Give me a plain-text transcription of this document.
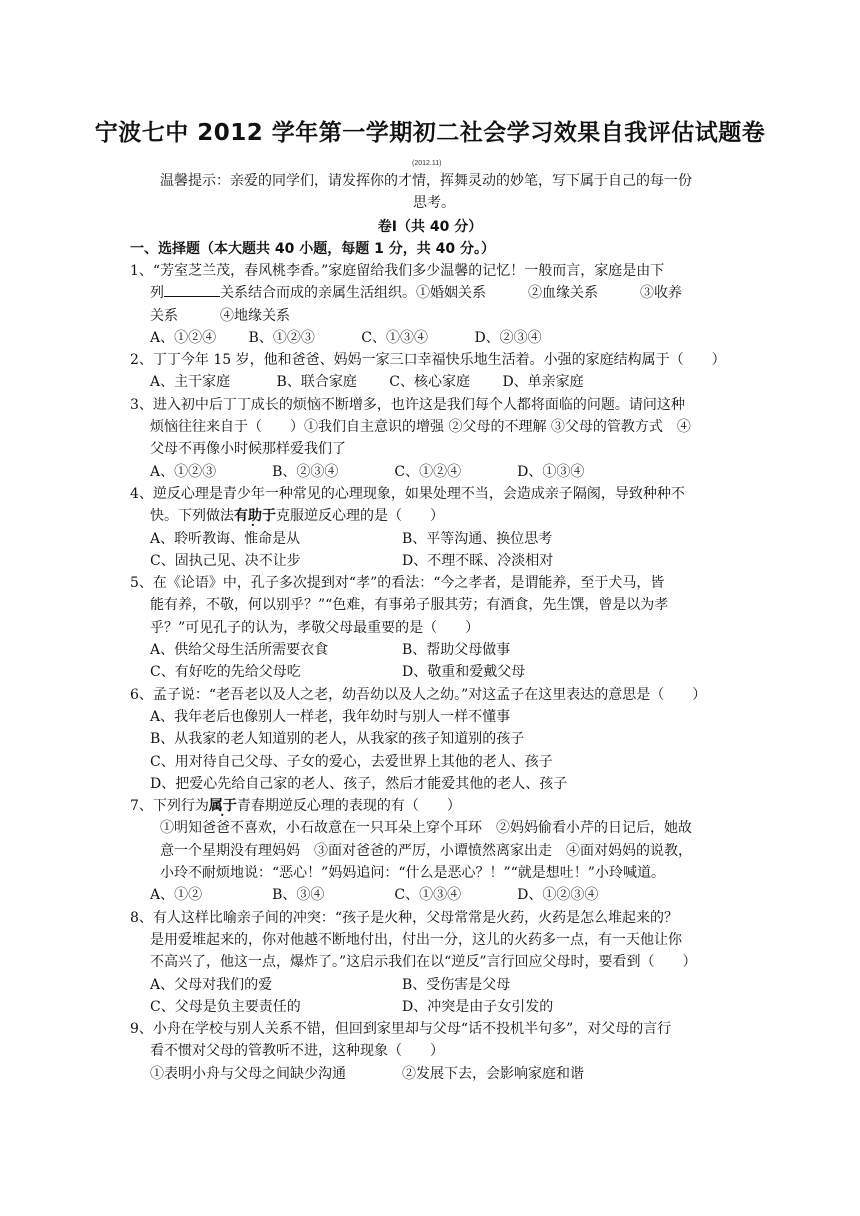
宁波七中 2012 学年第一学期初二社会学习效果自我评估试题卷
(2012.11)
温馨提示：亲爱的同学们，请发挥你的才情，挥舞灵动的妙笔，写下属于自己的每一份
思考。
卷Ⅰ（共 40 分）
一、选择题（本大题共 40 小题，每题 1 分，共 40 分。）
1、“芳室芝兰茂，春风桃李香。”家庭留给我们多少温馨的记忆！一般而言，家庭是由下
列	关系结合而成的亲属生活组织。①婚姻关系　　　②血缘关系　　　③收养
关系　　　④地缘关系
A、①②④　　 B、①②③　　　 C、①③④　　　 D、②③④
2、丁丁今年 15 岁，他和爸爸、妈妈一家三口幸福快乐地生活着。小强的家庭结构属于（　　）
A、主干家庭　　　 B、联合家庭　　 C、核心家庭　　 D、单亲家庭
3、进入初中后丁丁成长的烦恼不断增多，也许这是我们每个人都将面临的问题。请问这种
烦恼往往来自于（　　）①我们自主意识的增强 ②父母的不理解 ③父母的管教方式　④
父母不再像小时候那样爱我们了
A、①②③　　　　B、②③④　　　　C、①②④　　　　D、①③④
4、逆反心理是青少年一种常见的心理现象，如果处理不当，会造成亲子隔阂，导致种种不
快。下列做法有助于克服逆反心理的是（　　）
A、聆听教诲、惟命是从	B、平等沟通、换位思考
C、固执己见、决不让步	D、不理不睬、冷淡相对
5、在《论语》中，孔子多次提到对“孝”的看法：“今之孝者，是谓能养，至于犬马，皆
能有养，不敬，何以别乎？”“色难，有事弟子服其劳；有酒食，先生馔，曾是以为孝
乎？”可见孔子的认为，孝敬父母最重要的是（　　）
A、供给父母生活所需要衣食	B、帮助父母做事
C、有好吃的先给父母吃	D、敬重和爱戴父母
6、孟子说：“老吾老以及人之老，幼吾幼以及人之幼。”对这孟子在这里表达的意思是（　　）
A、我年老后也像别人一样老，我年幼时与别人一样不懂事
B、从我家的老人知道别的老人，从我家的孩子知道别的孩子
C、用对待自己父母、子女的爱心，去爱世界上其他的老人、孩子
D、把爱心先给自己家的老人、孩子，然后才能爱其他的老人、孩子
7、下列行为属于青春期逆反心理的表现的有（　　）
①明知爸爸不喜欢，小石故意在一只耳朵上穿个耳环　②妈妈偷看小芹的日记后，她故
意一个星期没有理妈妈　③面对爸爸的严厉，小谭愤然离家出走　④面对妈妈的说教，
小玲不耐烦地说：“恶心！”妈妈追问：“什么是恶心？！”“就是想吐！”小玲喊道。
A、①②　　　　　B、③④　　　　　C、①③④　　　　D、①②③④
8、有人这样比喻亲子间的冲突：“孩子是火种，父母常常是火药，火药是怎么堆起来的？
是用爱堆起来的，你对他越不断地付出，付出一分，这儿的火药多一点，有一天他让你
不高兴了，他这一点，爆炸了。”这启示我们在以“逆反”言行回应父母时，要看到（　　）
A、父母对我们的爱	B、受伤害是父母
C、父母是负主要责任的	D、冲突是由子女引发的
9、小舟在学校与别人关系不错，但回到家里却与父母“话不投机半句多”，对父母的言行
看不惯对父母的管教听不进，这种现象（　　）
①表明小舟与父母之间缺少沟通	②发展下去，会影响家庭和谐
